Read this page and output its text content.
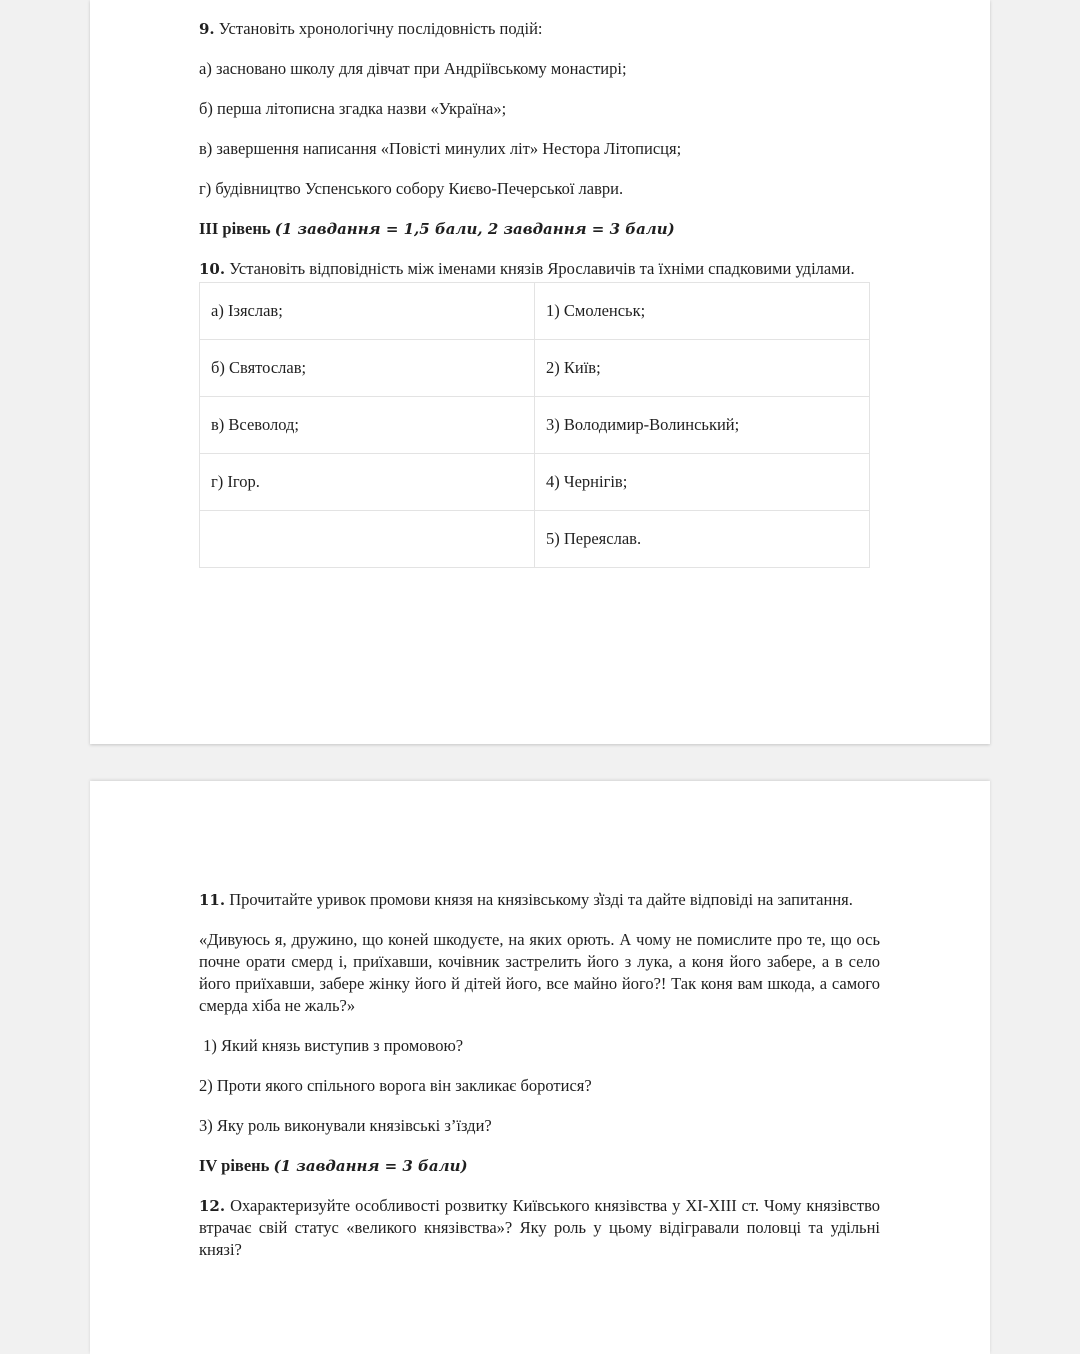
9. Установіть хронологічну послідовність подій:

а) засновано школу для дівчат при Андріївському монастирі;

б) перша літописна згадка назви «Україна»;

в) завершення написання «Повісті минулих літ» Нестора Літописця;

г) будівництво Успенського собору Києво-Печерської лаври.

ІІІ рівень (1 завдання = 1,5 бали, 2 завдання = 3 бали)

10. Установіть відповідність між іменами князів Ярославичів та їхніми спадковими уділами.

а) Ізяслав;	1) Смоленськ;
б) Святослав;	2) Київ;
в) Всеволод;	3) Володимир-Волинський;
г) Ігор.	4) Чернігів;
	5) Переяслав.

11. Прочитайте уривок промови князя на князівському з̓їзді та дайте відповіді на запитання.

«Дивуюсь я, дружино, що коней шкодуєте, на яких орють. А чому не помислите про те, що ось почне орати смерд і, приїхавши, кочівник застрелить його з лука, а коня його забере, а в село його приїхавши, забере жінку його й дітей його, все майно його?! Так коня вам шкода, а самого смерда хіба не жаль?»

1) Який князь виступив з промовою?

2) Проти якого спільного ворога він закликає боротися?

3) Яку роль виконували князівські з’їзди?

IV рівень (1 завдання = 3 бали)

12. Охарактеризуйте особливості розвитку Київського князівства у ХІ-ХІІІ ст. Чому князівство втрачає свій статус «великого князівства»? Яку роль у цьому відігравали половці та удільні князі?
